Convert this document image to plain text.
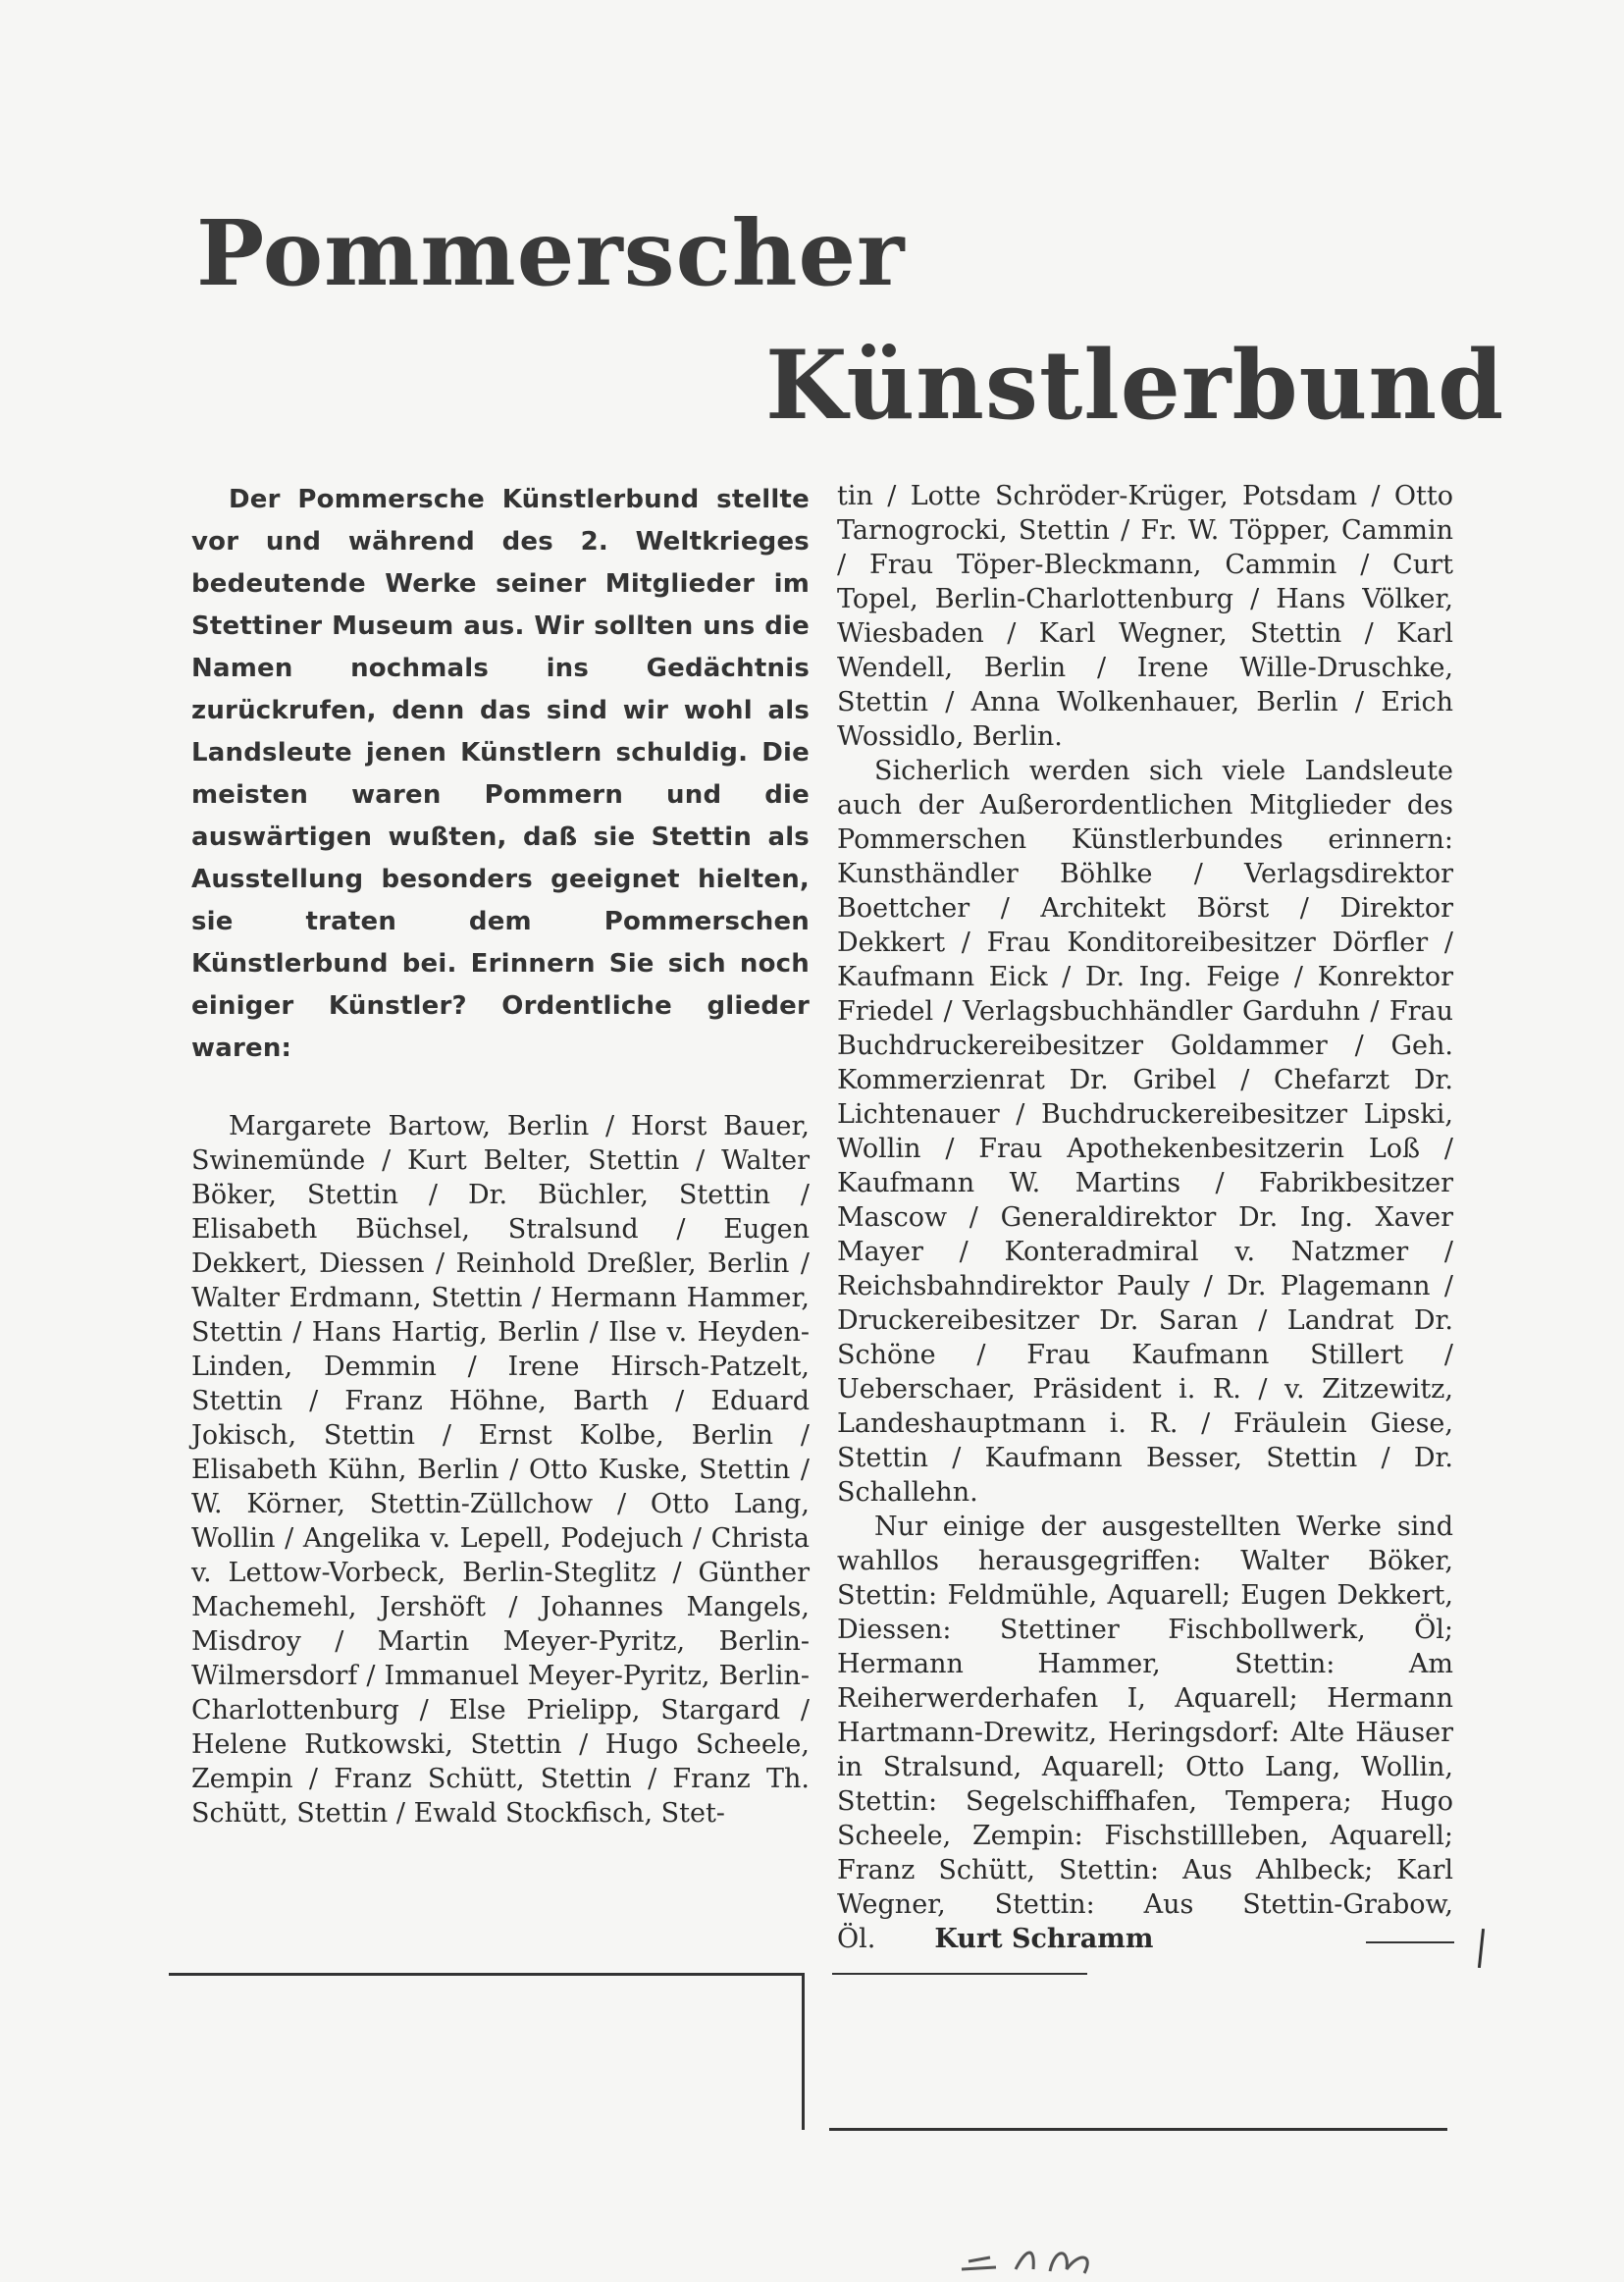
Pommerscher
Künstlerbund

Der Pommersche Künstlerbund stellte vor und während des 2. Weltkrieges bedeutende Werke seiner Mitglieder im Stettiner Museum aus. Wir sollten uns die Namen nochmals ins Gedächtnis zurückrufen, denn das sind wir wohl als Landsleute jenen Künstlern schuldig. Die meisten waren Pommern und die auswärtigen wußten, daß sie Stettin als Ausstellung besonders geeignet hielten, sie traten dem Pommerschen Künstlerbund bei. Erinnern Sie sich noch einiger Künstler? Ordentliche glieder waren:

Margarete Bartow, Berlin / Horst Bauer, Swinemünde / Kurt Belter, Stettin / Walter Böker, Stettin / Dr. Büchler, Stettin / Elisabeth Büchsel, Stralsund / Eugen Dekkert, Diessen / Reinhold Dreßler, Berlin / Walter Erdmann, Stettin / Hermann Hammer, Stettin / Hans Hartig, Berlin / Ilse v. Heyden-Linden, Demmin / Irene Hirsch-Patzelt, Stettin / Franz Höhne, Barth / Eduard Jokisch, Stettin / Ernst Kolbe, Berlin / Elisabeth Kühn, Berlin / Otto Kuske, Stettin / W. Körner, Stettin-Züllchow / Otto Lang, Wollin / Angelika v. Lepell, Podejuch / Christa v. Lettow-Vorbeck, Berlin-Steglitz / Günther Machemehl, Jershöft / Johannes Mangels, Misdroy / Martin Meyer-Pyritz, Berlin-Wilmersdorf / Immanuel Meyer-Pyritz, Berlin-Charlottenburg / Else Prielipp, Stargard / Helene Rutkowski, Stettin / Hugo Scheele, Zempin / Franz Schütt, Stettin / Franz Th. Schütt, Stettin / Ewald Stockfisch, Stet-

tin / Lotte Schröder-Krüger, Potsdam / Otto Tarnogrocki, Stettin / Fr. W. Töpper, Cammin / Frau Töper-Bleckmann, Cammin / Curt Topel, Berlin-Charlottenburg / Hans Völker, Wiesbaden / Karl Wegner, Stettin / Karl Wendell, Berlin / Irene Wille-Druschke, Stettin / Anna Wolkenhauer, Berlin / Erich Wossidlo, Berlin.

Sicherlich werden sich viele Landsleute auch der Außerordentlichen Mitglieder des Pommerschen Künstlerbundes erinnern: Kunsthändler Böhlke / Verlagsdirektor Boettcher / Architekt Börst / Direktor Dekkert / Frau Konditoreibesitzer Dörfler / Kaufmann Eick / Dr. Ing. Feige / Konrektor Friedel / Verlagsbuchhändler Garduhn / Frau Buchdruckereibesitzer Goldammer / Geh. Kommerzienrat Dr. Gribel / Chefarzt Dr. Lichtenauer / Buchdruckereibesitzer Lipski, Wollin / Frau Apothekenbesitzerin Loß / Kaufmann W. Martins / Fabrikbesitzer Mascow / Generaldirektor Dr. Ing. Xaver Mayer / Konteradmiral v. Natzmer / Reichsbahndirektor Pauly / Dr. Plagemann / Druckereibesitzer Dr. Saran / Landrat Dr. Schöne / Frau Kaufmann Stillert / Ueberschaer, Präsident i. R. / v. Zitzewitz, Landeshauptmann i. R. / Fräulein Giese, Stettin / Kaufmann Besser, Stettin / Dr. Schallehn.

Nur einige der ausgestellten Werke sind wahllos herausgegriffen: Walter Böker, Stettin: Feldmühle, Aquarell; Eugen Dekkert, Diessen: Stettiner Fischbollwerk, Öl; Hermann Hammer, Stettin: Am Reiherwerderhafen I, Aquarell; Hermann Hartmann-Drewitz, Heringsdorf: Alte Häuser in Stralsund, Aquarell; Otto Lang, Wollin, Stettin: Segelschiffhafen, Tempera; Hugo Scheele, Zempin: Fischstillleben, Aquarell; Franz Schütt, Stettin: Aus Ahlbeck; Karl Wegner, Stettin: Aus Stettin-Grabow, Öl. Kurt Schramm
